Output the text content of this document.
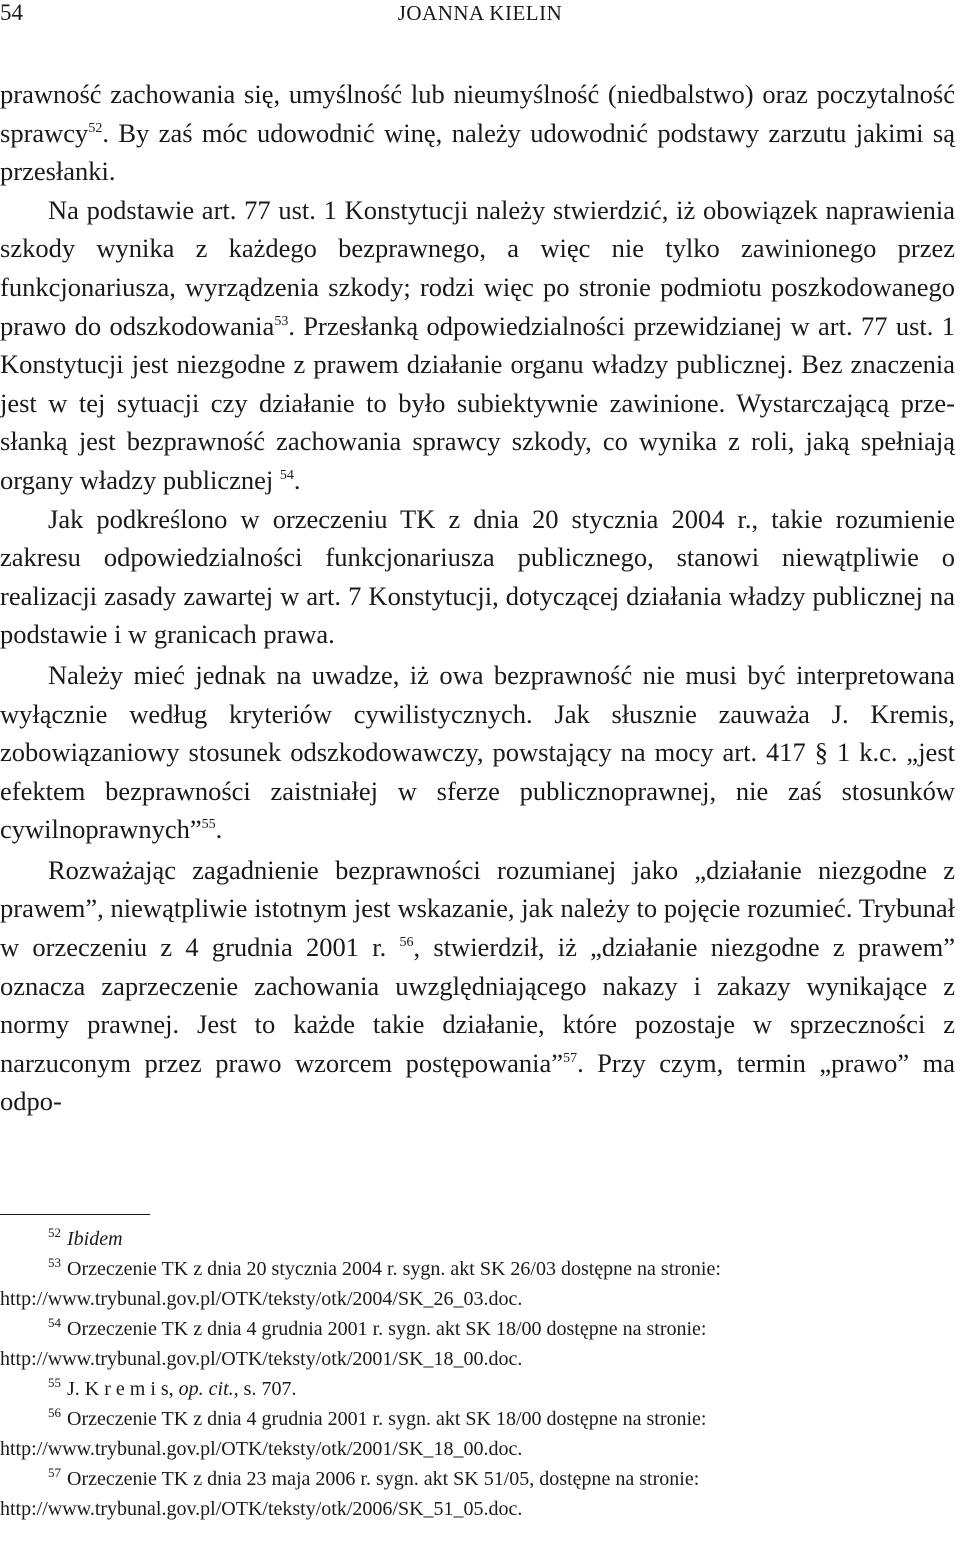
54	JOANNA KIELIN

prawność zachowania się, umyślność lub nieumyślność (niedbalstwo) oraz poczytalność sprawcy$^{52}$. By zaś móc udowodnić winę, należy udowodnić podstawy zarzutu jakimi są przesłanki.

Na podstawie art. 77 ust. 1 Konstytucji należy stwierdzić, iż obowiązek naprawienia szkody wynika z każdego bezprawnego, a więc nie tylko zawinionego przez funkcjonariusza, wyrządzenia szkody; rodzi więc po stronie podmiotu poszkodowanego prawo do odszkodowania$^{53}$. Przesłanką odpowiedzialności przewidzianej w art. 77 ust. 1 Konstytucji jest niezgodne z prawem działanie organu władzy publicznej. Bez znaczenia jest w tej sytuacji czy działanie to było subiektywnie zawinione. Wystarczającą przesłanką jest bezprawność zachowania sprawcy szkody, co wynika z roli, jaką spełniają organy władzy publicznej $^{54}$.

Jak podkreślono w orzeczeniu TK z dnia 20 stycznia 2004 r., takie rozumienie zakresu odpowiedzialności funkcjonariusza publicznego, stanowi niewątpliwie o realizacji zasady zawartej w art. 7 Konstytucji, dotyczącej działania władzy publicznej na podstawie i w granicach prawa.

Należy mieć jednak na uwadze, iż owa bezprawność nie musi być interpretowana wyłącznie według kryteriów cywilistycznych. Jak słusznie zauważa J. Kremis, zobowiązaniowy stosunek odszkodowawczy, powstający na mocy art. 417 § 1 k.c. „jest efektem bezprawności zaistniałej w sferze publicznoprawnej, nie zaś stosunków cywilnoprawnych”$^{55}$.

Rozważając zagadnienie bezprawności rozumianej jako „działanie niezgodne z prawem”, niewątpliwie istotnym jest wskazanie, jak należy to pojęcie rozumieć. Trybunał w orzeczeniu z 4 grudnia 2001 r. $^{56}$, stwierdził, iż „działanie niezgodne z prawem” oznacza zaprzeczenie zachowania uwzględniającego nakazy i zakazy wynikające z normy prawnej. Jest to każde takie działanie, które pozostaje w sprzeczności z narzuconym przez prawo wzorcem postępowania”$^{57}$. Przy czym, termin „prawo” ma odpo-

$^{52}$ Ibidem

$^{53}$ Orzeczenie TK z dnia 20 stycznia 2004 r. sygn. akt SK 26/03 dostępne na stronie:
http://www.trybunal.gov.pl/OTK/teksty/otk/2004/SK_26_03.doc.

$^{54}$ Orzeczenie TK z dnia 4 grudnia 2001 r. sygn. akt SK 18/00 dostępne na stronie:
http://www.trybunal.gov.pl/OTK/teksty/otk/2001/SK_18_00.doc.

$^{55}$ J. K r e m i s, op. cit., s. 707.

$^{56}$ Orzeczenie TK z dnia 4 grudnia 2001 r. sygn. akt SK 18/00 dostępne na stronie:
http://www.trybunal.gov.pl/OTK/teksty/otk/2001/SK_18_00.doc.

$^{57}$ Orzeczenie TK z dnia 23 maja 2006 r. sygn. akt SK 51/05, dostępne na stronie:
http://www.trybunal.gov.pl/OTK/teksty/otk/2006/SK_51_05.doc.
